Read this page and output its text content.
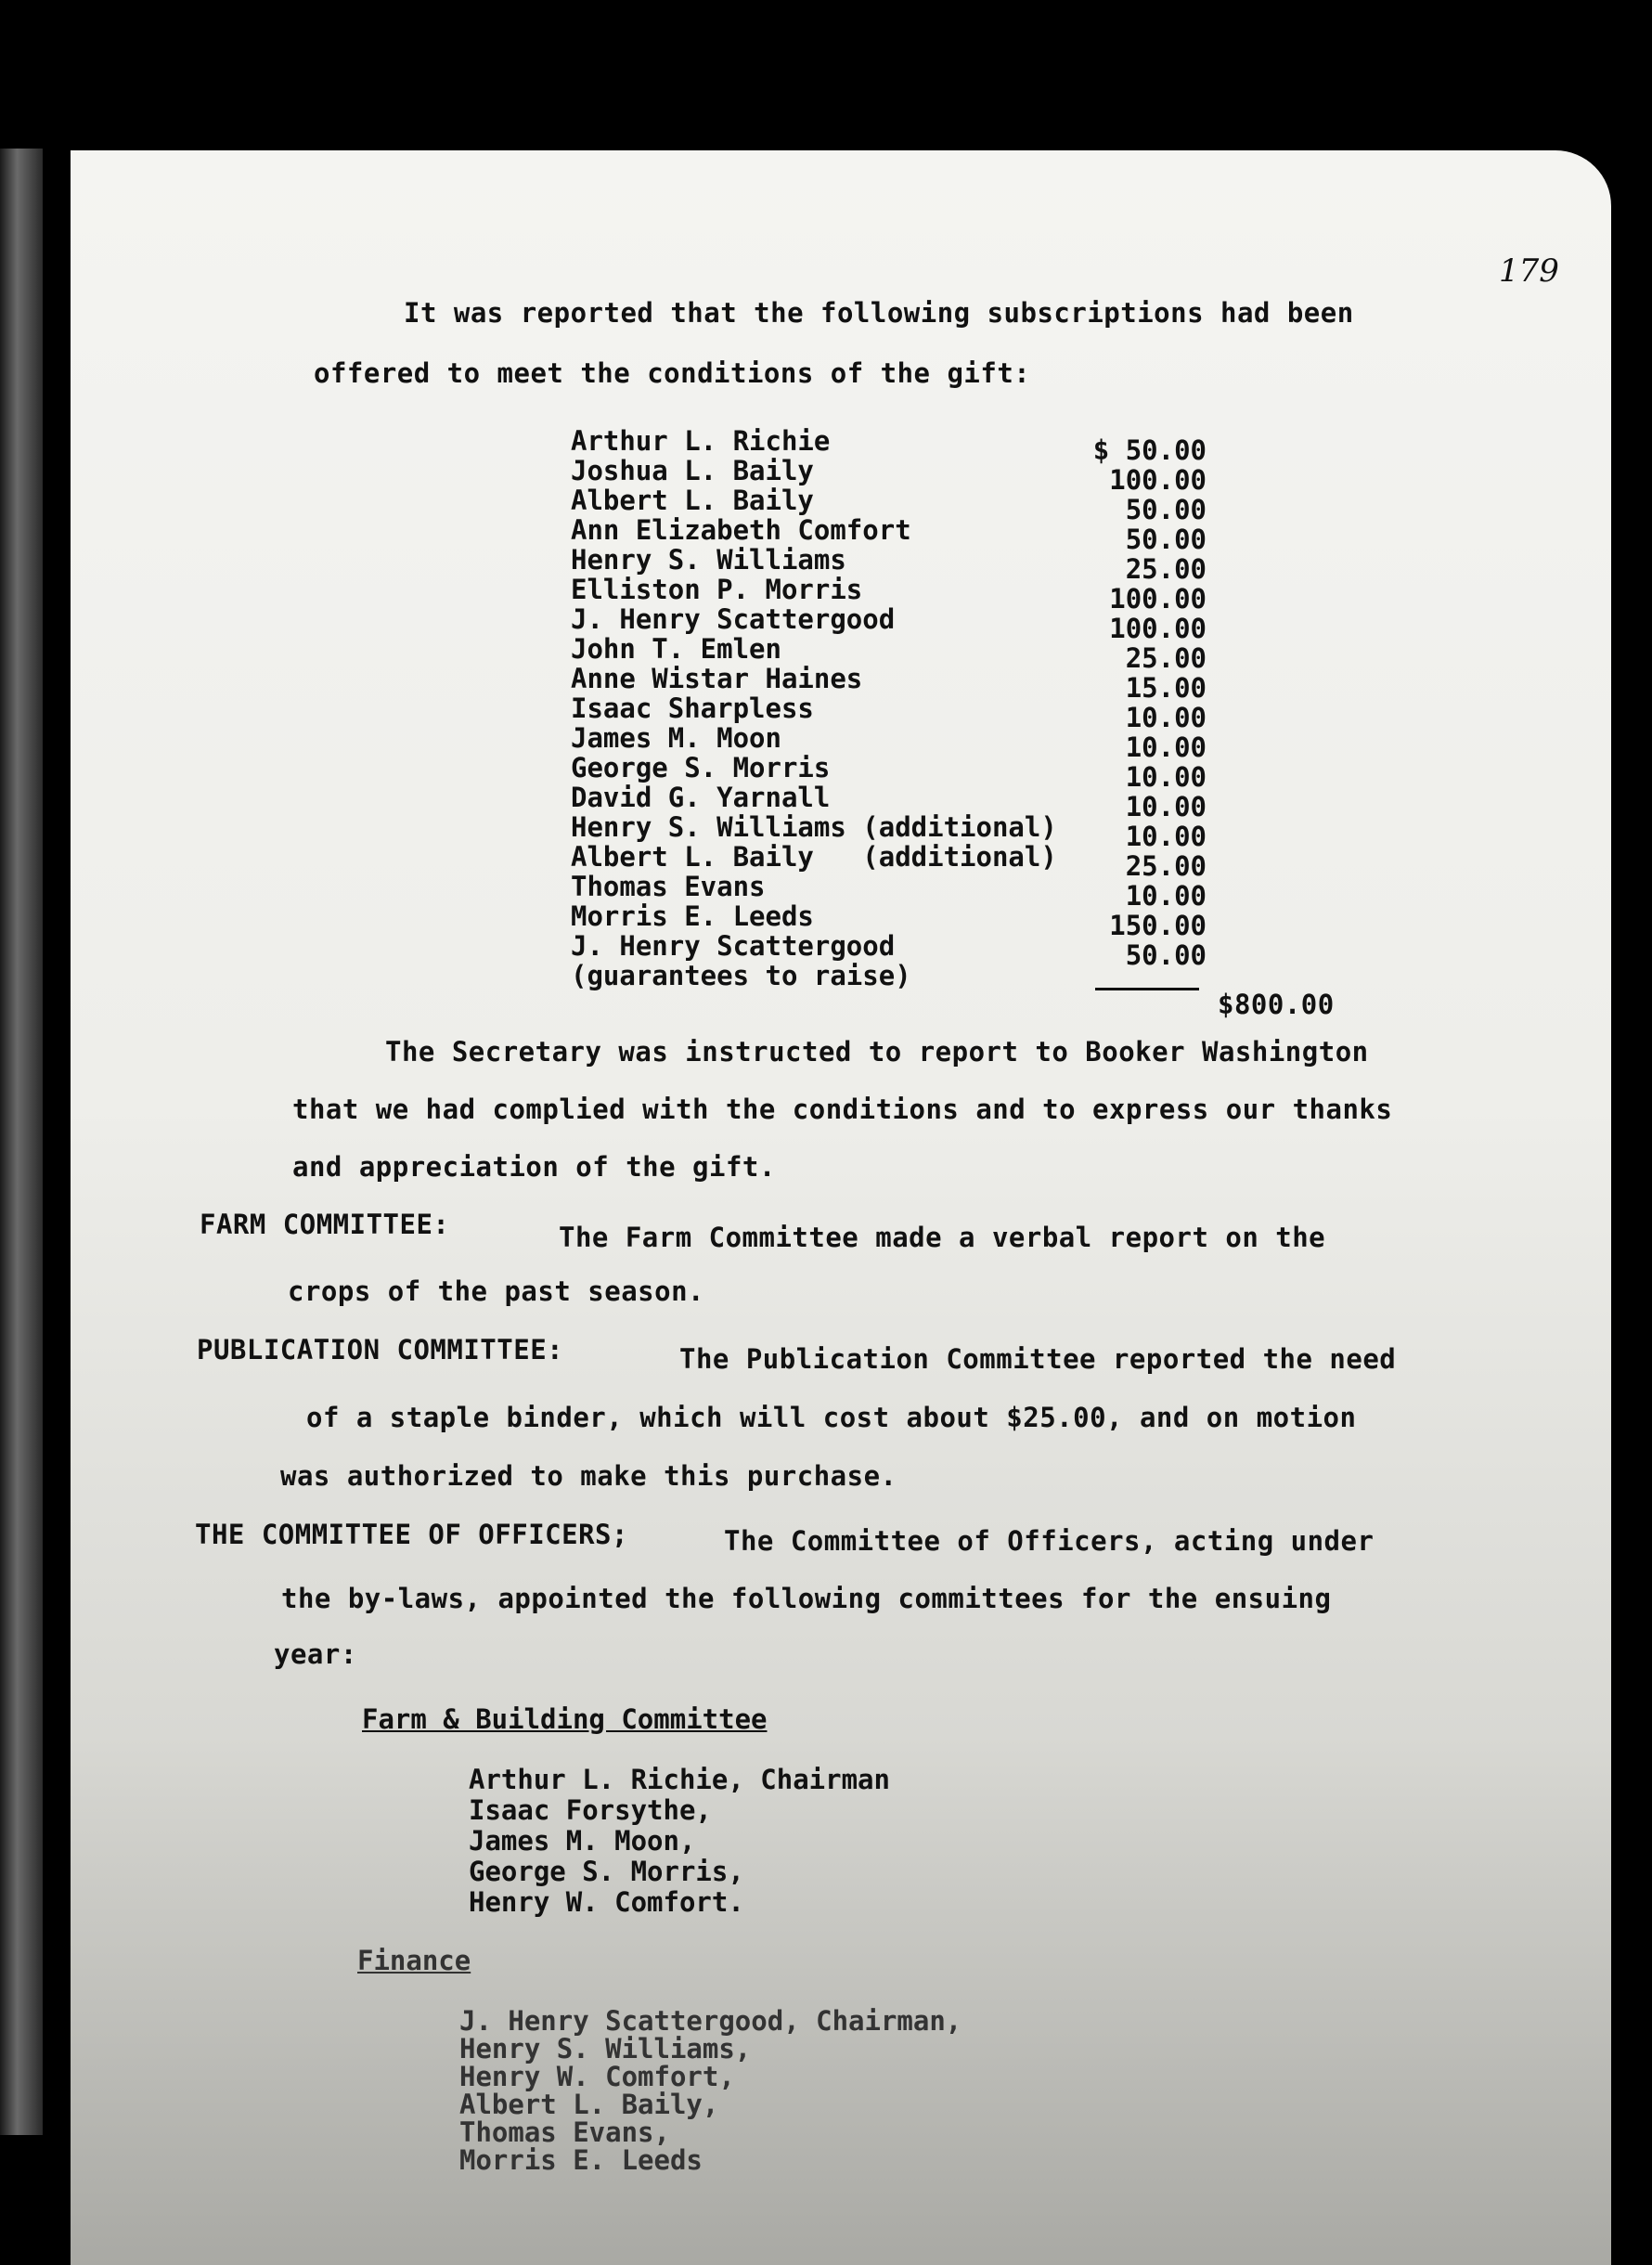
179
It was reported that the following subscriptions had been
offered to meet the conditions of the gift:
Arthur L. Richie	$ 50.00
Joshua L. Baily	100.00
Albert L. Baily	50.00
Ann Elizabeth Comfort	50.00
Henry S. Williams	25.00
Elliston P. Morris	100.00
J. Henry Scattergood	100.00
John T. Emlen	25.00
Anne Wistar Haines	15.00
Isaac Sharpless	10.00
James M. Moon	10.00
George S. Morris	10.00
David G. Yarnall	10.00
Henry S. Williams (additional)	10.00
Albert L. Baily   (additional)	25.00
Thomas Evans	10.00
Morris E. Leeds	150.00
J. Henry Scattergood	50.00
(guarantees to raise)
$800.00
The Secretary was instructed to report to Booker Washington
that we had complied with the conditions and to express our thanks
and appreciation of the gift.
FARM COMMITTEE:	The Farm Committee made a verbal report on the
crops of the past season.
PUBLICATION COMMITTEE:	The Publication Committee reported the need
of a staple binder, which will cost about $25.00, and on motion
was authorized to make this purchase.
THE COMMITTEE OF OFFICERS;	The Committee of Officers, acting under
the by-laws, appointed the following committees for the ensuing
year:
Farm & Building Committee
Arthur L. Richie, Chairman
Isaac Forsythe,
James M. Moon,
George S. Morris,
Henry W. Comfort.
Finance
J. Henry Scattergood, Chairman,
Henry S. Williams,
Henry W. Comfort,
Albert L. Baily,
Thomas Evans,
Morris E. Leeds
